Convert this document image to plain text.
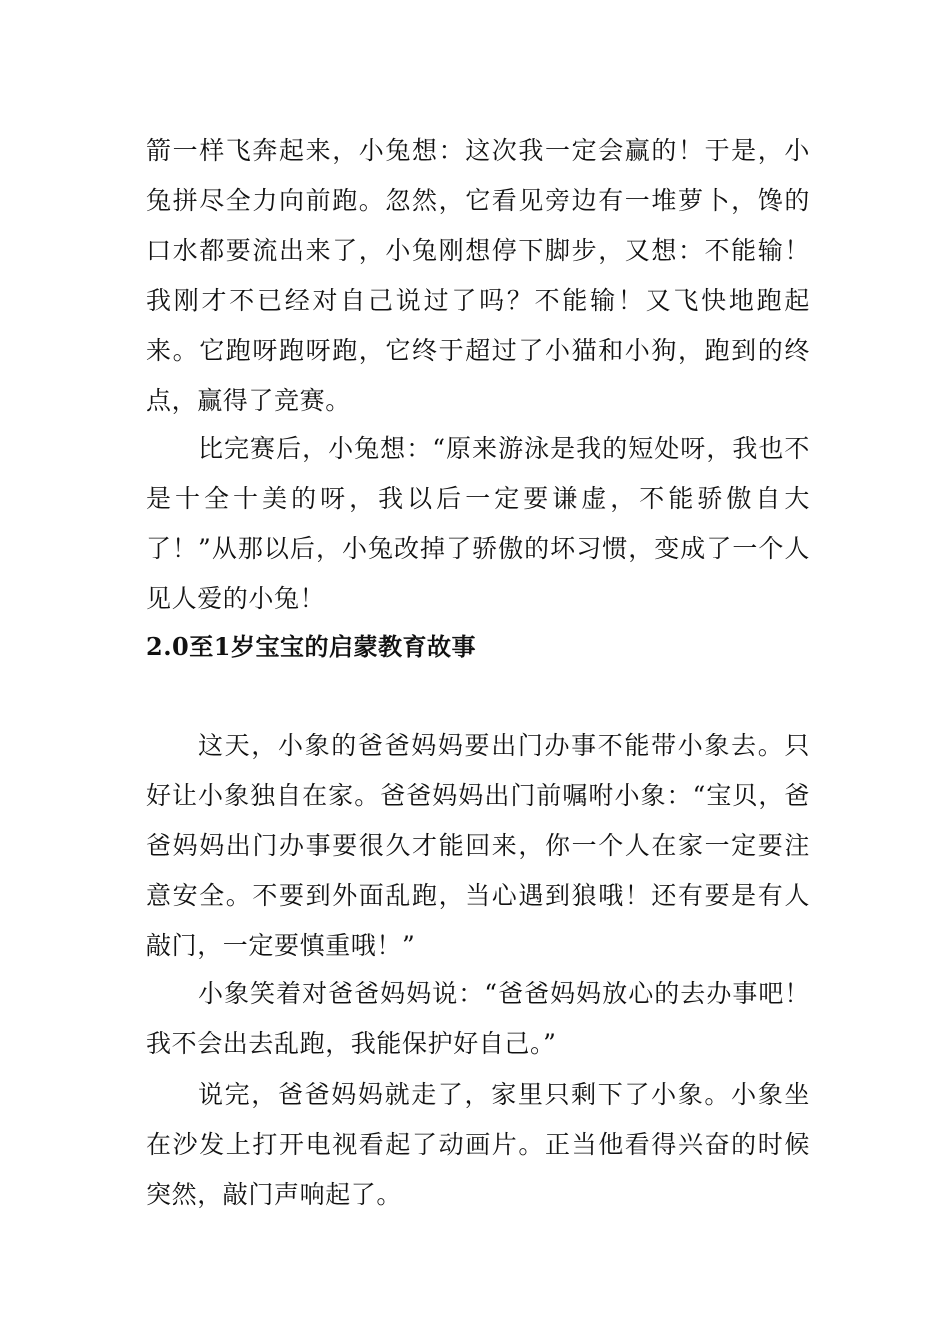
箭一样飞奔起来，小兔想：这次我一定会赢的！于是，小兔拼尽全力向前跑。忽然，它看见旁边有一堆萝卜，馋的口水都要流出来了，小兔刚想停下脚步，又想：不能输！我刚才不已经对自己说过了吗？不能输！又飞快地跑起来。它跑呀跑呀跑，它终于超过了小猫和小狗，跑到的终点，赢得了竞赛。

比完赛后，小兔想：“原来游泳是我的短处呀，我也不是十全十美的呀，我以后一定要谦虚，不能骄傲自大了！”从那以后，小兔改掉了骄傲的坏习惯，变成了一个人见人爱的小兔！

2.0至1岁宝宝的启蒙教育故事

这天，小象的爸爸妈妈要出门办事不能带小象去。只好让小象独自在家。爸爸妈妈出门前嘱咐小象：“宝贝，爸爸妈妈出门办事要很久才能回来，你一个人在家一定要注意安全。不要到外面乱跑，当心遇到狼哦！还有要是有人敲门，一定要慎重哦！”

小象笑着对爸爸妈妈说：“爸爸妈妈放心的去办事吧！我不会出去乱跑，我能保护好自己。”

说完，爸爸妈妈就走了，家里只剩下了小象。小象坐在沙发上打开电视看起了动画片。正当他看得兴奋的时候突然，敲门声响起了。
